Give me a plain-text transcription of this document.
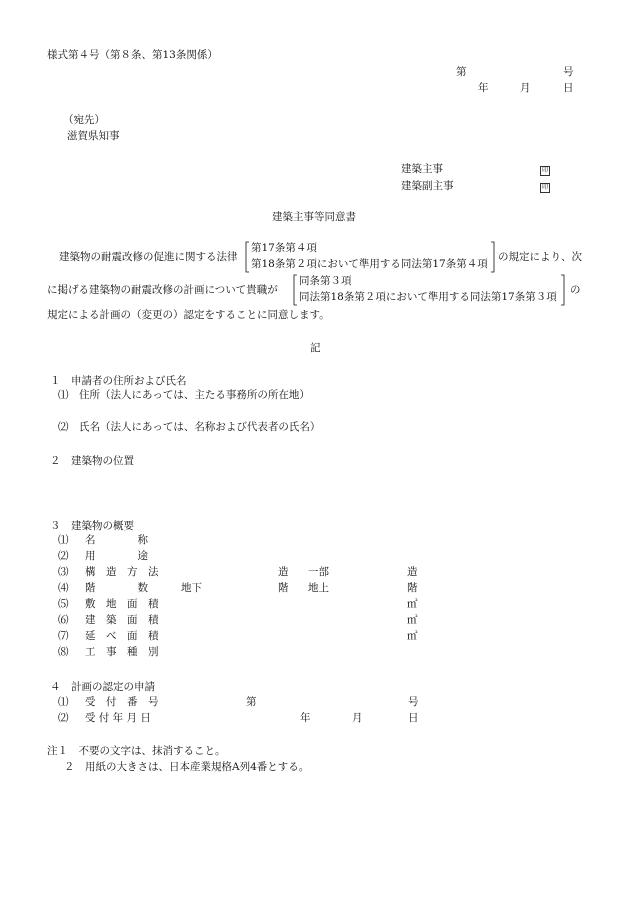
様式第４号（第８条、第13条関係）
第	号
年	月	日
（宛先）
滋賀県知事
建築主事	印
建築副主事	印
建築主事等同意書
建築物の耐震改修の促進に関する法律
第17条第４項
第18条第２項において準用する同法第17条第４項
の規定により、次
に掲げる建築物の耐震改修の計画について貴職が
同条第３項
同法第18条第２項において準用する同法第17条第３項
の
規定による計画の（変更の）認定をすることに同意します。
記
１　申請者の住所および氏名
⑴　住所（法人にあっては、主たる事務所の所在地）
⑵　氏名（法人にあっては、名称および代表者の氏名）
２　建築物の位置
３　建築物の概要
⑴ 名　　　　称
⑵ 用　　　　途
⑶ 構　造　方　法	造 一部	造
⑷ 階　　　　数	地下	階 地上	階
⑸ 敷　地　面　積	㎡
⑹ 建　築　面　積	㎡
⑺ 延　べ　面　積	㎡
⑻ 工　事　種　別
４　計画の認定の申請
⑴ 受　付　番　号	第	号
⑵ 受 付 年 月 日	年	月	日
注１　不要の文字は、抹消すること。
２　用紙の大きさは、日本産業規格A列4番とする。
